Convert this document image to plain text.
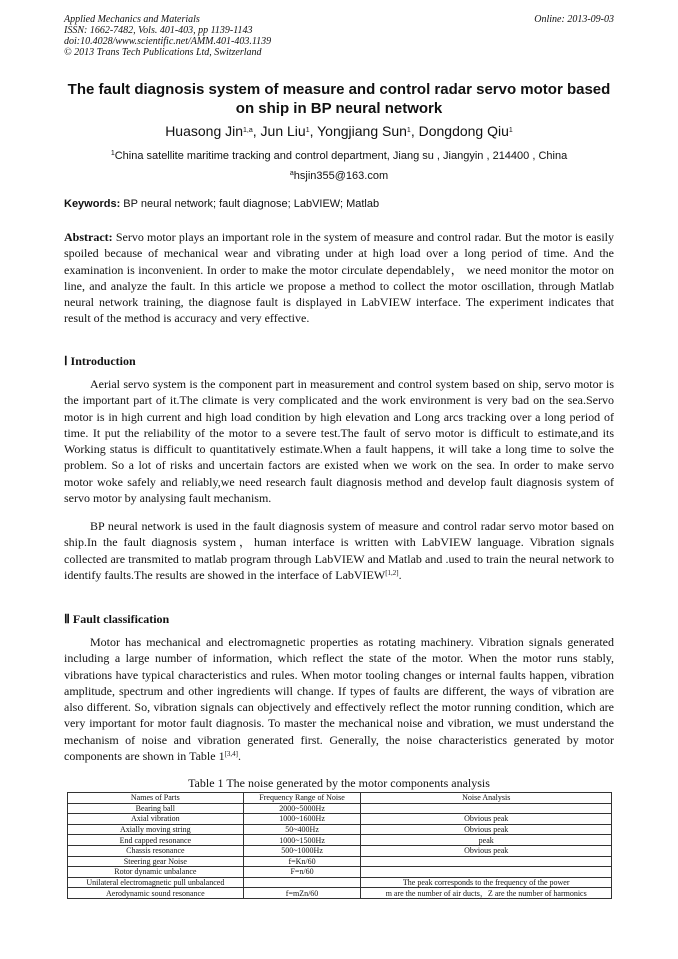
Applied Mechanics and Materials
ISSN: 1662-7482, Vols. 401-403, pp 1139-1143
doi:10.4028/www.scientific.net/AMM.401-403.1139
© 2013 Trans Tech Publications Ltd, Switzerland
Online: 2013-09-03
The fault diagnosis system of measure and control radar servo motor based on ship in BP neural network
Huasong Jin$^{1,a}$, Jun Liu$^1$, Yongjiang Sun$^1$, Dongdong Qiu$^1$
$^1$China satellite maritime tracking and control department, Jiang su , Jiangyin , 214400 , China
$^a$hsjin355@163.com
Keywords: BP neural network; fault diagnose; LabVIEW; Matlab
Abstract: Servo motor plays an important role in the system of measure and control radar. But the motor is easily spoiled because of mechanical wear and vibrating under at high load over a long period of time. And the examination is inconvenient. In order to make the motor circulate dependablely， we need monitor the motor on line, and analyze the fault. In this article we propose a method to collect the motor oscillation, through Matlab neural network training, the diagnose fault is displayed in LabVIEW interface. The experiment indicates that result of the method is accuracy and very effective.
Ⅰ Introduction
Aerial servo system is the component part in measurement and control system based on ship, servo motor is the important part of it.The climate is very complicated and the work environment is very bad on the sea.Servo motor is in high current and high load condition by high elevation and Long arcs tracking over a long period of time. It put the reliability of the motor to a severe test.The fault of servo motor is difficult to estimate,and its Working status is difficult to quantitatively estimate.When a fault happens, it will take a long time to solve the problem. So a lot of risks and uncertain factors are existed when we work on the sea. In order to make servo motor woke safely and reliably,we need research fault diagnosis method and develop fault diagnosis system of servo motor by analysing fault mechanism.
BP neural network is used in the fault diagnosis system of measure and control radar servo motor based on ship.In the fault diagnosis system，human interface is written with LabVIEW language. Vibration signals collected are transmited to matlab program through LabVIEW and Matlab and .used to train the neural network to identify faults.The results are showed in the interface of LabVIEW[1,2].
Ⅱ Fault classification
Motor has mechanical and electromagnetic properties as rotating machinery. Vibration signals generated including a large number of information, which reflect the state of the motor. When the motor runs stably, vibrations have typical characteristics and rules. When motor tooling changes or internal faults happen, vibration amplitude, spectrum and other ingredients will change. If types of faults are different, the ways of vibration are also different. So, vibration signals can objectively and effectively reflect the motor running condition, which are very important for motor fault diagnosis. To master the mechanical noise and vibration, we must understand the mechanism of noise and vibration generated first. Generally, the noise characteristics generated by motor components are shown in Table 1[3,4].
Table 1 The noise generated by the motor components analysis
Names of Parts	Frequency Range of Noise	Noise Analysis
Bearing ball	2000~5000Hz	
Axial vibration	1000~1600Hz	Obvious peak
Axially moving string	50~400Hz	Obvious peak
End capped resonance	1000~1500Hz	peak
Chassis resonance	500~1000Hz	Obvious peak
Steering gear Noise	f=Kn/60	
Rotor dynamic unbalance	F=n/60	
Unilateral electromagnetic pull unbalanced		The peak corresponds to the frequency of the power
Aerodynamic sound resonance	f=mZn/60	m are the number of air ducts，Z are the number of harmonics
